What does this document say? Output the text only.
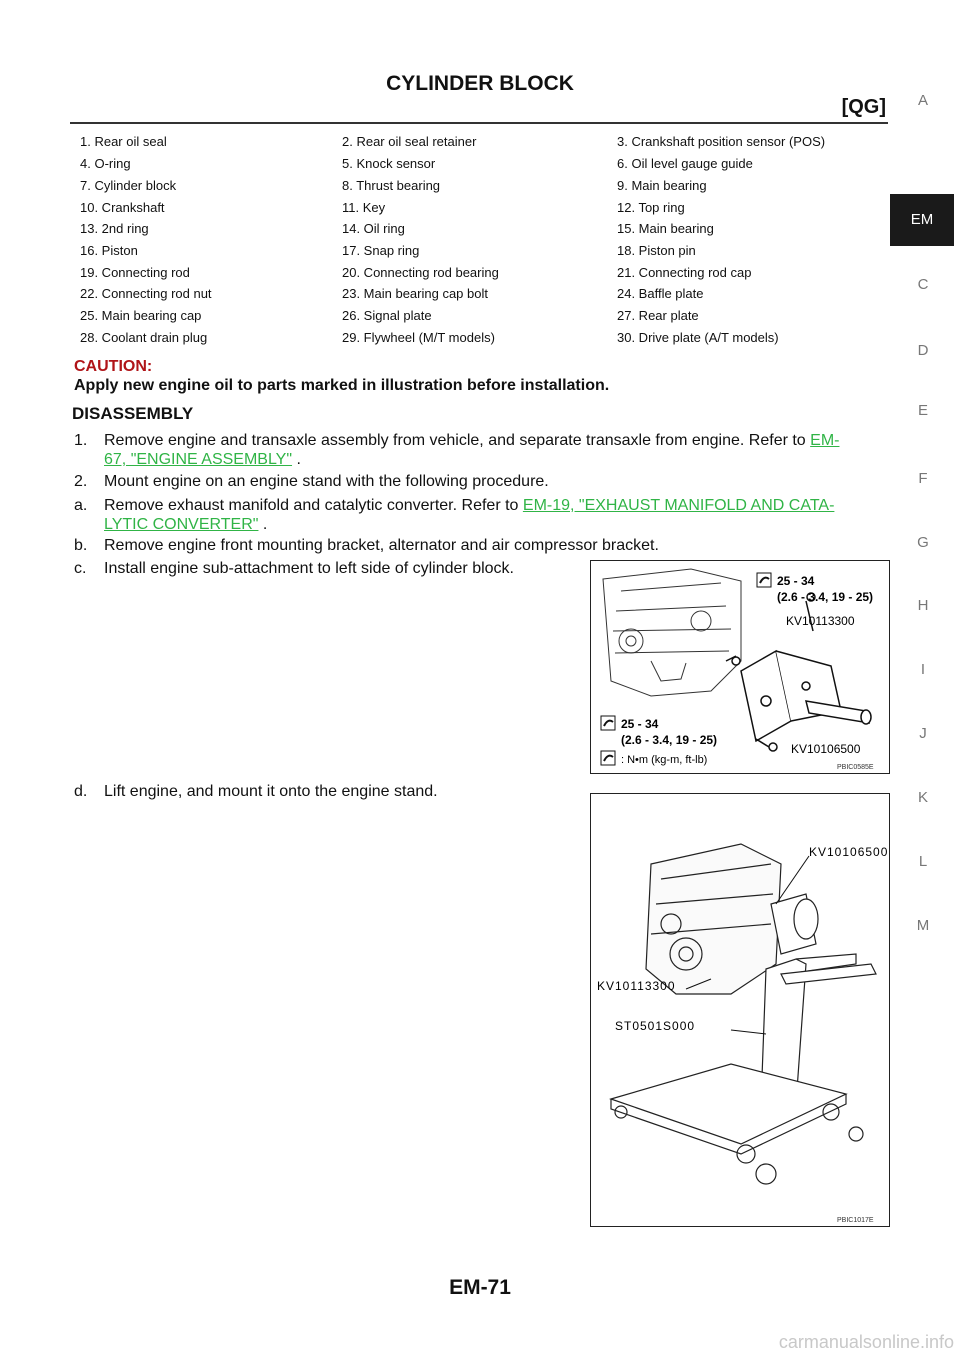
CYLINDER BLOCK
[QG]	A
EM
C
D
E
F
G
H
I
J
K
L
M
1. Rear oil seal	2. Rear oil seal retainer	3. Crankshaft position sensor (POS)
4. O-ring	5. Knock sensor	6. Oil level gauge guide
7. Cylinder block	8. Thrust bearing	9. Main bearing
10. Crankshaft	11. Key	12. Top ring
13. 2nd ring	14. Oil ring	15. Main bearing
16. Piston	17. Snap ring	18. Piston pin
19. Connecting rod	20. Connecting rod bearing	21. Connecting rod cap
22. Connecting rod nut	23. Main bearing cap bolt	24. Baffle plate
25. Main bearing cap	26. Signal plate	27. Rear plate
28. Coolant drain plug	29. Flywheel (M/T models)	30. Drive plate (A/T models)
CAUTION:
Apply new engine oil to parts marked in illustration before installation.
DISASSEMBLY
1. Remove engine and transaxle assembly from vehicle, and separate transaxle from engine. Refer to EM-
67, "ENGINE ASSEMBLY" .
2. Mount engine on an engine stand with the following procedure.
a. Remove exhaust manifold and catalytic converter. Refer to EM-19, "EXHAUST MANIFOLD AND CATA-
LYTIC CONVERTER" .
b. Remove engine front mounting bracket, alternator and air compressor bracket.
c. Install engine sub-attachment to left side of cylinder block.
d. Lift engine, and mount it onto the engine stand.
25 - 34
(2.6 - 3.4, 19 - 25)
KV10113300
25 - 34
(2.6 - 3.4, 19 - 25)
KV10106500
: N•m (kg-m, ft-lb)
PBIC0585E
KV10106500
KV10113300
ST0501S000
PBIC1017E
EM-71
carmanualsonline.info
